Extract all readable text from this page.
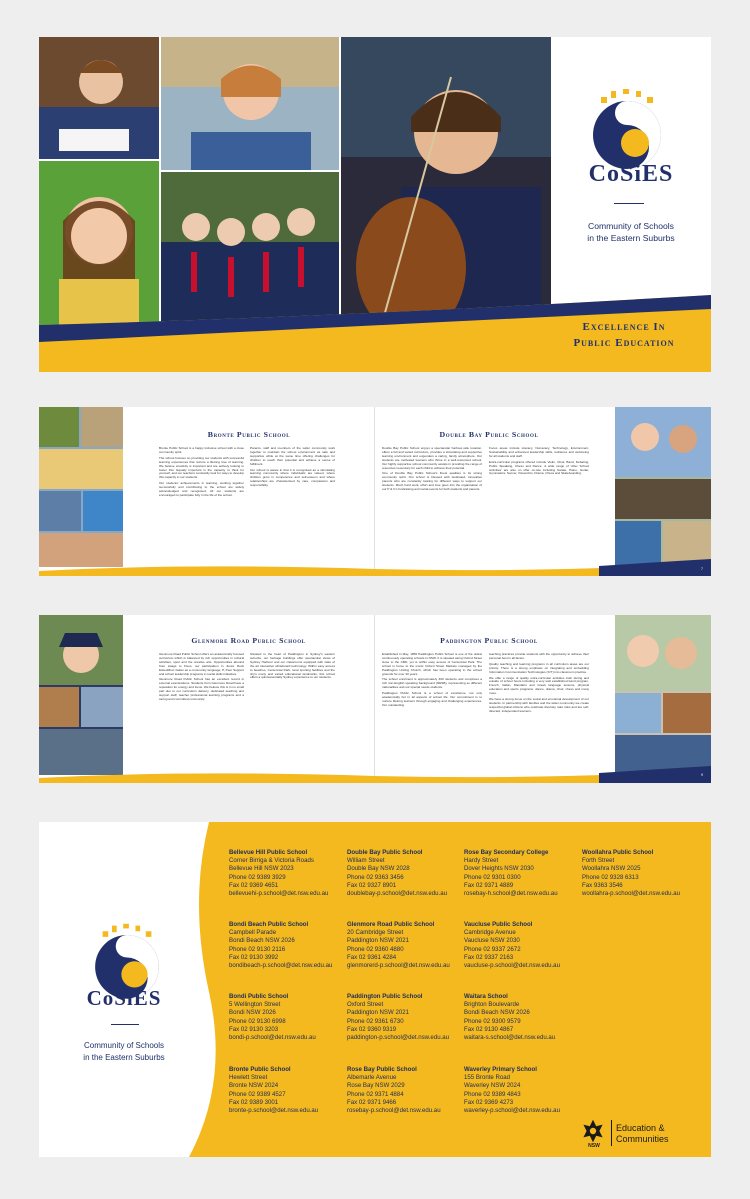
CoSiES
Community of Schools
in the Eastern Suburbs
Excellence In
Public Education
Bronte Public School

Bronte Public School is a happy inclusive school with a close community spirit.

The school focuses on providing our students with successful learning experiences that nurture a lifelong love of learning. We believe creativity is important and are actively looking to foster this. Equally important is the capacity to think for yourself, and our teachers constantly look for ways to develop this capacity in our students.

Our students' achievements in learning, working together successfully and contributing to the school are widely acknowledged and recognised. All our students are encouraged to participate fully in the life of the school.

Parents, staff and members of the wider community work together to maintain the school environment as safe and supportive while at the same time offering challenges for children to reach their potential and achieve a sense of fulfilment.

Our school is aware in that it is recognised as a stimulating learning community where individuals are valued, where children grow in competence and self-esteem and where relationships are characterised by care, compassion and responsibility.

Double Bay Public School

Double Bay Public School enjoys a spectacular harbour-side location, offers a full and varied curriculum, provides a stimulating and supportive learning environment and engenders a caring, family atmosphere. Our students are motivated learners who thrive in a well-resourced school. Our highly supportive school community assists in providing the range of resources necessary for each child to achieve their potential.

One of Double Bay Public School's finest qualities is its strong community spirit. Our school is blessed with dedicated, innovative parents who are constantly looking for different ways to support our students. Much hard work, effort and love goes into the organisation of our P & C's fundraising and social events for both students and parents.

Focus areas include Literacy, Numeracy, Technology, Environment, Sustainability and enhanced leadership skills, resilience and well-being for all students and staff.

Extra-curricular programs offered include Violin, Choir, Band, Debating, Public Speaking, Chess and Dance. A wide range of 'After School Activities' are also on offer on-site including Karate, Piano, Guitar, Gymnastics, Soccer, Visual Arts, Drama, Chess and Skateboarding.

7
Glenmore Road Public School

Glenmore Road Public School offers an academically focused curriculum which is balanced by rich opportunities in cultural activities, sport and the creative arts. Opportunities abound from swags to Fives, our participation in Junior Rock Eisteddfod, Italian as a community language, P, Peer Support and school leadership programs in social skills initiatives.

Glenmore Road Public School has an excellent record in external examinations. Students from Glenmore Road have a reputation for energy and focus. We believe this is in no small part due to our curriculum delivery, dedicated teaching and support staff, teacher professional learning programs and a caring and committed community.

Situated in the heart of Paddington in Sydney's eastern suburbs, our heritage buildings offer spectacular views of Sydney Harbour and our classrooms equipped with state of the art interactive whiteboard technology. Within easy access to beaches, Centennial Park, local sporting facilities and the city's many and varied educational landmarks, this school offers a quintessentially Sydney experience to our students.

Paddington Public School

Established in May, 1856 Paddington Public School is one of the oldest continuously operating schools in NSW. It is situated along Oxford Street close to the CBD, yet is within easy access of Centennial Park. The school is home to the iconic Oxford Street Markets managed by the Paddington Uniting Church, which has been operating in the school grounds for over 40 years.

The school enrolment is approximately 300 students and comprises a rich non-English speaking background (NESB), representing so different nationalities and our special needs students.

Paddington Public School is a school of excellence, not only academically but in all aspects of school life. Our commitment is to nurture lifelong learners through engaging and challenging experiences. Our outstanding

teaching practices provide students with the opportunity to achieve their personal best in all facets.

Quality teaching and learning programs in all curriculum areas are our priority. There is a strong emphasis on integrating and embedding Information Communication Technologies (ICT) into classroom practice.

We offer a range of quality extra-curricular activities both during and outside of school hours including a very well established band program, French, Italian, Mandarin and Greek language lessons, physical education and sports programs, dance, drama, choir, chess and many more.

We have a strong focus on the social and emotional development of our students. In partnership with families and the wider community we create respectful global citizens who celebrate diversity, take risks and are self-directed, independent learners.

9
CoSiES
Community of Schools
in the Eastern Suburbs
Bellevue Hill Public School
Corner Birriga & Victoria Roads
Bellevue Hill NSW 2023
Phone 02 9389 3929
Fax 02 9369 4651
bellevuehi-p.school@det.nsw.edu.au
Double Bay Public School
William Street
Double Bay NSW 2028
Phone 02 9363 3456
Fax 02 9327 8901
doublebay-p.school@det.nsw.edu.au
Rose Bay Secondary College
Hardy Street
Dover Heights NSW 2030
Phone 02 9301 0300
Fax 02 9371 4889
rosebay-h.school@det.nsw.edu.au
Woollahra Public School
Forth Street
Woollahra NSW 2025
Phone 02 9328 6313
Fax 9363 3546
woollahra-p.school@det.nsw.edu.au
Bondi Beach Public School
Campbell Parade
Bondi Beach NSW 2026
Phone 02 9130 2116
Fax 02 9130 3992
bondibeach-p.school@det.nsw.edu.au
Glenmore Road Public School
20 Cambridge Street
Paddington NSW 2021
Phone 02 9360 4880
Fax 02 9361 4284
glenmorerd-p.school@det.nsw.edu.au
Vaucluse Public School
Cambridge Avenue
Vaucluse NSW 2030
Phone 02 9337 2672
Fax 02 9337 2163
vaucluse-p.school@det.nsw.edu.au
Bondi Public School
5 Wellington Street
Bondi NSW 2026
Phone 02 9130 6998
Fax 02 9130 3203
bondi-p.school@det.nsw.edu.au
Paddington Public School
Oxford Street
Paddington NSW 2021
Phone 02 9361 6730
Fax 02 9360 9319
paddington-p.school@det.nsw.edu.au
Waitara School
Brighton Boulevarde
Bondi Beach NSW 2026
Phone 02 9300 9579
Fax 02 9130 4867
waitara-s.school@det.nsw.edu.au
Bronte Public School
Hewlett Street
Bronte NSW 2024
Phone 02 9389 4527
Fax 02 9389 3001
bronte-p.school@det.nsw.edu.au
Rose Bay Public School
Albemarle Avenue
Rose Bay NSW 2029
Phone 02 9371 4884
Fax 02 9371 9466
rosebay-p.school@det.nsw.edu.au
Waverley Primary School
155 Bronte Road
Waverley NSW 2024
Phone 02 9389 4843
Fax 02 9369 4273
waverley-p.school@det.nsw.edu.au
NSW
Education &
Communities
